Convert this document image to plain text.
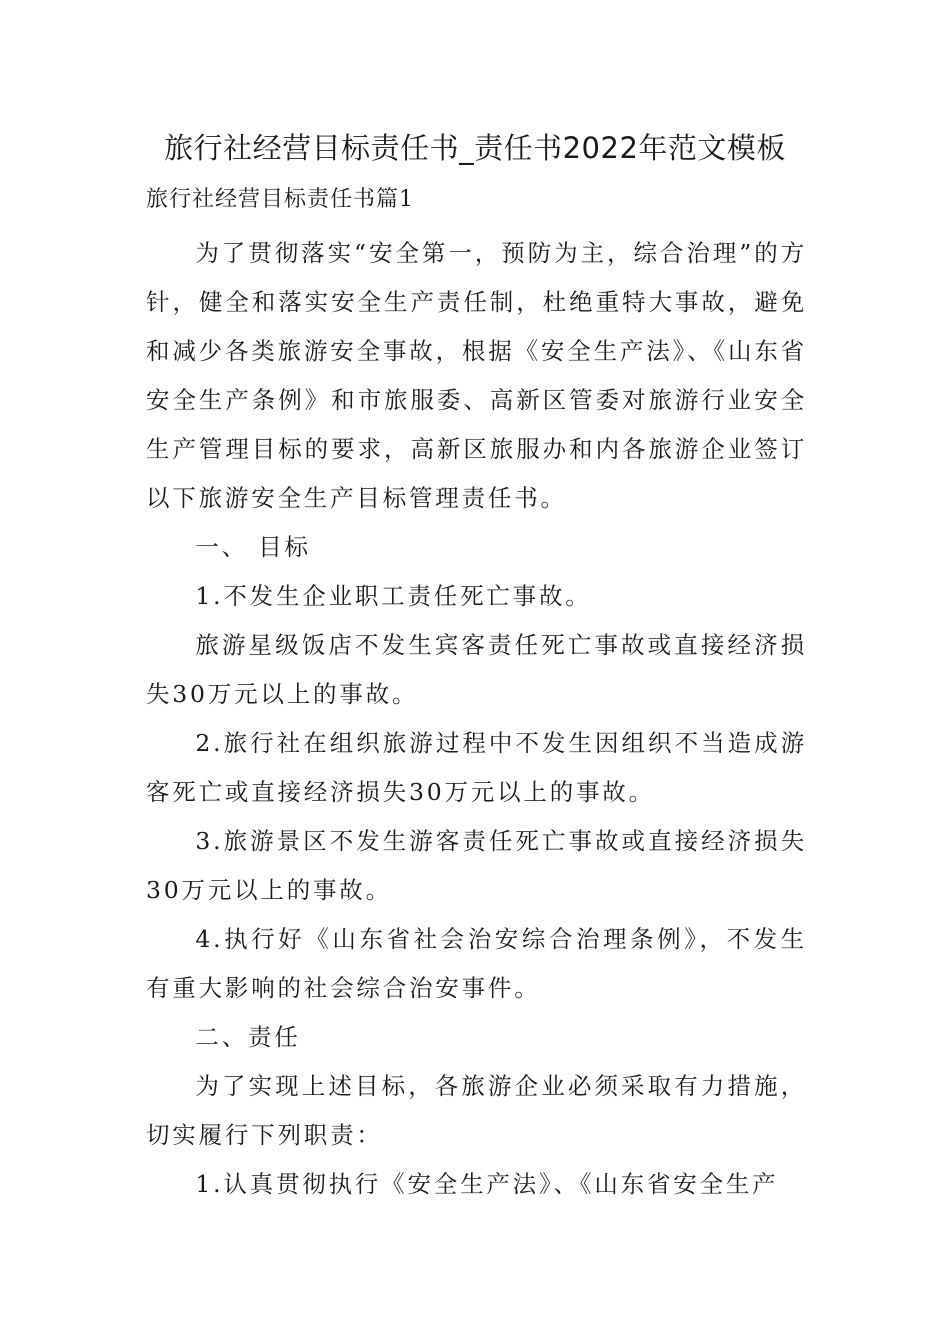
旅行社经营目标责任书_责任书2022年范文模板
旅行社经营目标责任书篇1

为了贯彻落实“安全第一，预防为主，综合治理”的方针，健全和落实安全生产责任制，杜绝重特大事故，避免和减少各类旅游安全事故，根据《安全生产法》、《山东省安全生产条例》和市旅服委、高新区管委对旅游行业安全生产管理目标的要求，高新区旅服办和内各旅游企业签订以下旅游安全生产目标管理责任书。

一、 目标

1.不发生企业职工责任死亡事故。

旅游星级饭店不发生宾客责任死亡事故或直接经济损失30万元以上的事故。

2.旅行社在组织旅游过程中不发生因组织不当造成游客死亡或直接经济损失30万元以上的事故。

3.旅游景区不发生游客责任死亡事故或直接经济损失30万元以上的事故。

4.执行好《山东省社会治安综合治理条例》，不发生有重大影响的社会综合治安事件。

二、责任

为了实现上述目标，各旅游企业必须采取有力措施，切实履行下列职责：

1.认真贯彻执行《安全生产法》、《山东省安全生产
